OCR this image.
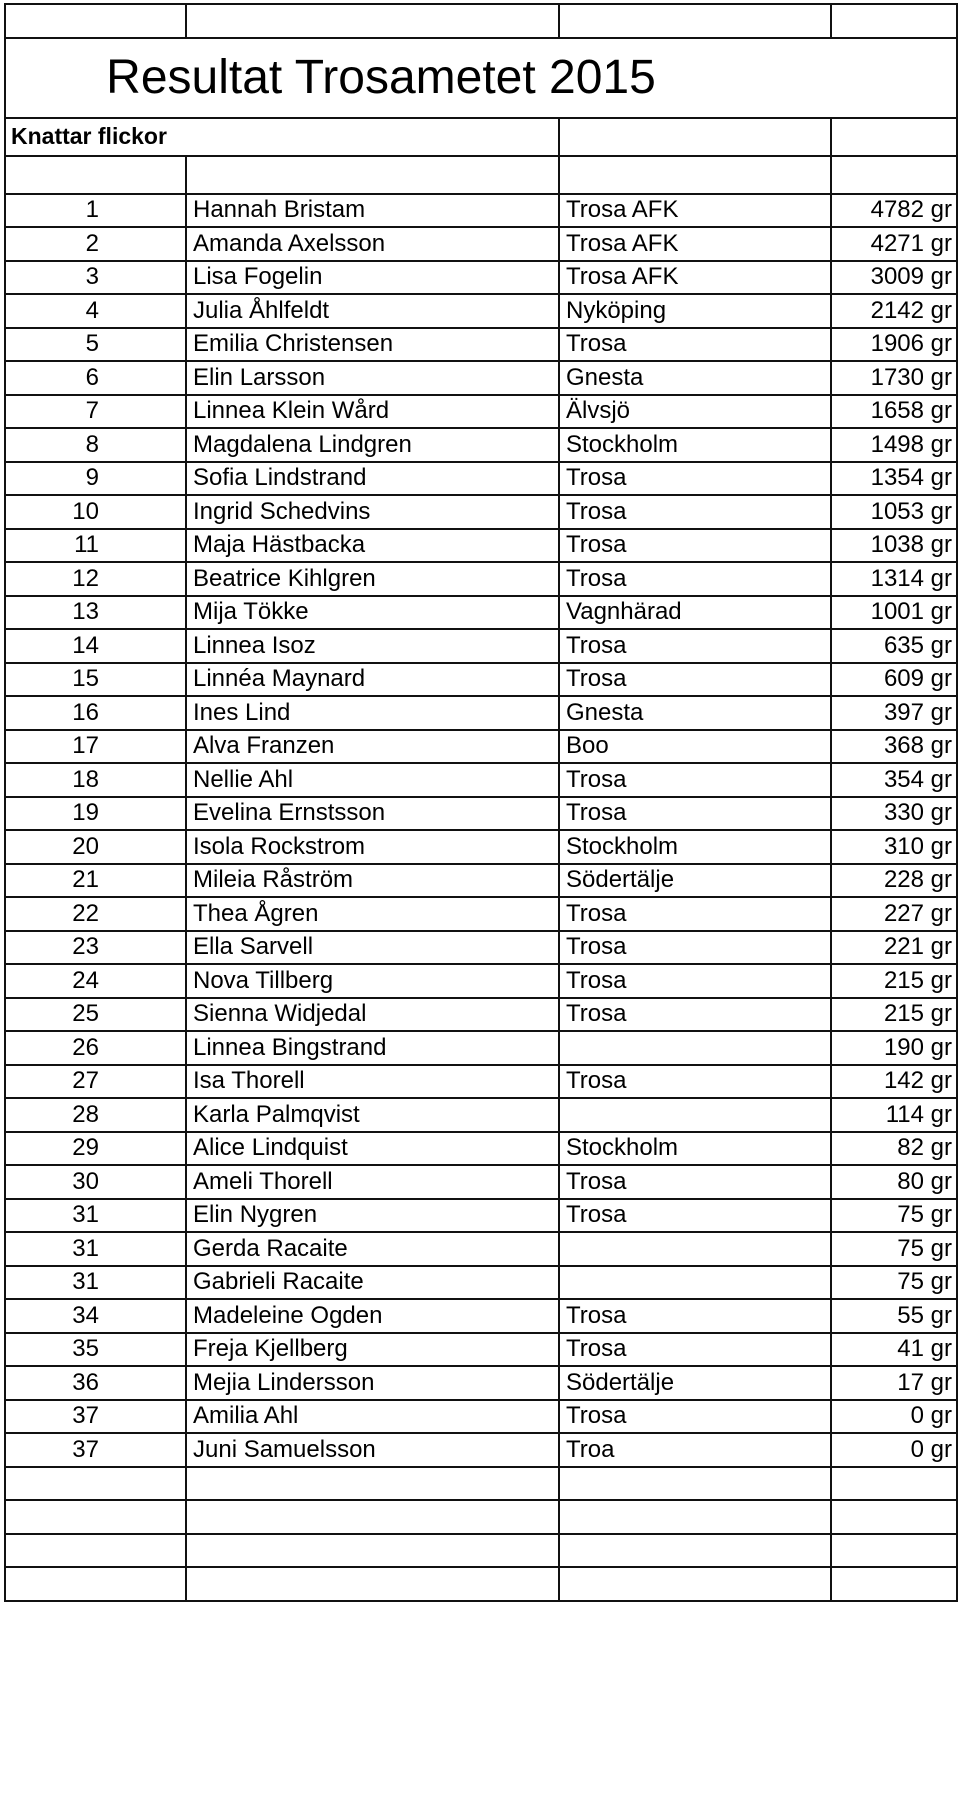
Resultat Trosametet 2015			

Knattar flickor			

1	Hannah Bristam	Trosa AFK	4782 gr
2	Amanda Axelsson	Trosa AFK	4271 gr
3	Lisa Fogelin	Trosa AFK	3009 gr
4	Julia Åhlfeldt	Nyköping	2142 gr
5	Emilia Christensen	Trosa	1906 gr
6	Elin Larsson	Gnesta	1730 gr
7	Linnea Klein Wård	Älvsjö	1658 gr
8	Magdalena Lindgren	Stockholm	1498 gr
9	Sofia Lindstrand	Trosa	1354 gr
10	Ingrid Schedvins	Trosa	1053 gr
11	Maja Hästbacka	Trosa	1038 gr
12	Beatrice Kihlgren	Trosa	1314 gr
13	Mija Tökke	Vagnhärad	1001 gr
14	Linnea Isoz	Trosa	635 gr
15	Linnéa Maynard	Trosa	609 gr
16	Ines Lind	Gnesta	397 gr
17	Alva Franzen	Boo	368 gr
18	Nellie Ahl	Trosa	354 gr
19	Evelina Ernstsson	Trosa	330 gr
20	Isola Rockstrom	Stockholm	310 gr
21	Mileia Råström	Södertälje	228 gr
22	Thea Ågren	Trosa	227 gr
23	Ella Sarvell	Trosa	221 gr
24	Nova Tillberg	Trosa	215 gr
25	Sienna Widjedal	Trosa	215 gr
26	Linnea Bingstrand		190 gr
27	Isa Thorell	Trosa	142 gr
28	Karla Palmqvist		114 gr
29	Alice Lindquist	Stockholm	82 gr
30	Ameli Thorell	Trosa	80 gr
31	Elin Nygren	Trosa	75 gr
31	Gerda Racaite		75 gr
31	Gabrieli Racaite		75 gr
34	Madeleine Ogden	Trosa	55 gr
35	Freja Kjellberg	Trosa	41 gr
36	Mejia Lindersson	Södertälje	17 gr
37	Amilia Ahl	Trosa	0 gr
37	Juni Samuelsson	Troa	0 gr
